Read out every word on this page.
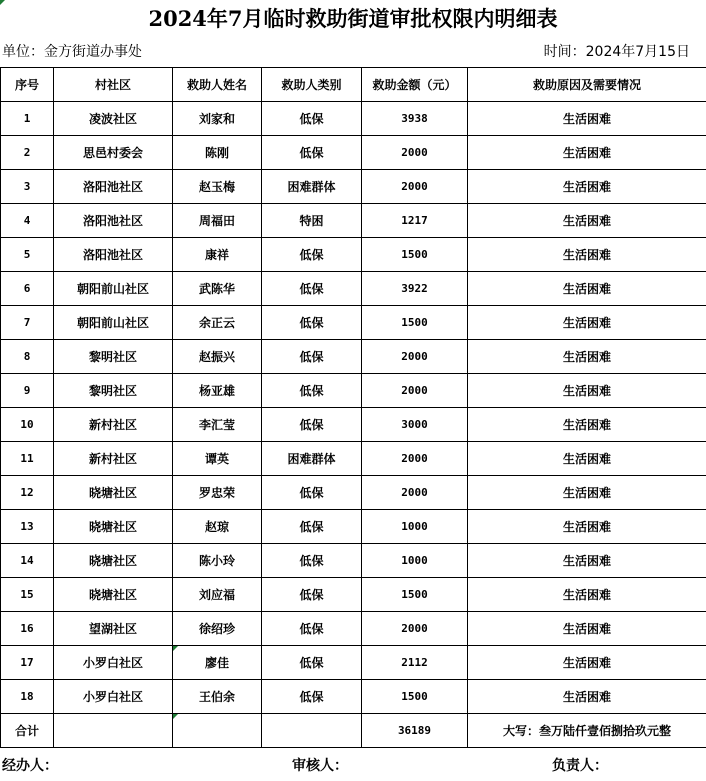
2024年7月临时救助街道审批权限内明细表
单位：金方街道办事处	时间：2024年7月15日
序号	村社区	救助人姓名	救助人类别	救助金额（元）	救助原因及需要情况
1	凌波社区	刘家和	低保	3938	生活困难
2	思邑村委会	陈刚	低保	2000	生活困难
3	洛阳池社区	赵玉梅	困难群体	2000	生活困难
4	洛阳池社区	周福田	特困	1217	生活困难
5	洛阳池社区	康祥	低保	1500	生活困难
6	朝阳前山社区	武陈华	低保	3922	生活困难
7	朝阳前山社区	余正云	低保	1500	生活困难
8	黎明社区	赵振兴	低保	2000	生活困难
9	黎明社区	杨亚雄	低保	2000	生活困难
10	新村社区	李汇莹	低保	3000	生活困难
11	新村社区	谭英	困难群体	2000	生活困难
12	晓塘社区	罗忠荣	低保	2000	生活困难
13	晓塘社区	赵琼	低保	1000	生活困难
14	晓塘社区	陈小玲	低保	1000	生活困难
15	晓塘社区	刘应福	低保	1500	生活困难
16	望湖社区	徐绍珍	低保	2000	生活困难
17	小罗白社区	廖佳	低保	2112	生活困难
18	小罗白社区	王伯余	低保	1500	生活困难
合计				36189	大写：叁万陆仟壹佰捌拾玖元整
经办人：	审核人：	负责人：
